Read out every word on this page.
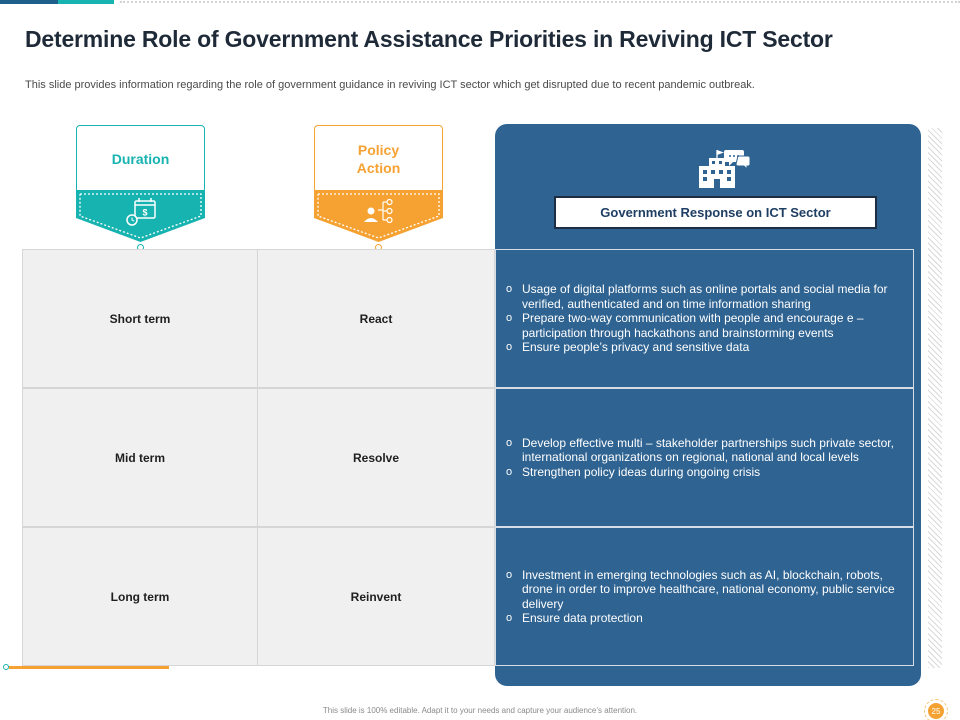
Determine Role of Government Assistance Priorities in Reviving ICT Sector

This slide provides information regarding the role of government guidance in reviving ICT sector which get disrupted due to recent pandemic outbreak.

Duration
$
Policy
Action
Government Response on ICT Sector
Short term	React
o Usage of digital platforms such as online portals and social media for verified, authenticated and on time information sharing
o Prepare two-way communication with people and encourage e – participation through hackathons and brainstorming events
o Ensure people’s privacy and sensitive data
Mid term	Resolve
o Develop effective multi – stakeholder partnerships such private sector, international organizations on regional, national and local levels
o Strengthen policy ideas during ongoing crisis
Long term	Reinvent
o Investment in emerging technologies such as AI, blockchain, robots, drone in order to improve healthcare, national economy, public service delivery
o Ensure data protection
This slide is 100% editable. Adapt it to your needs and capture your audience’s attention.	25
